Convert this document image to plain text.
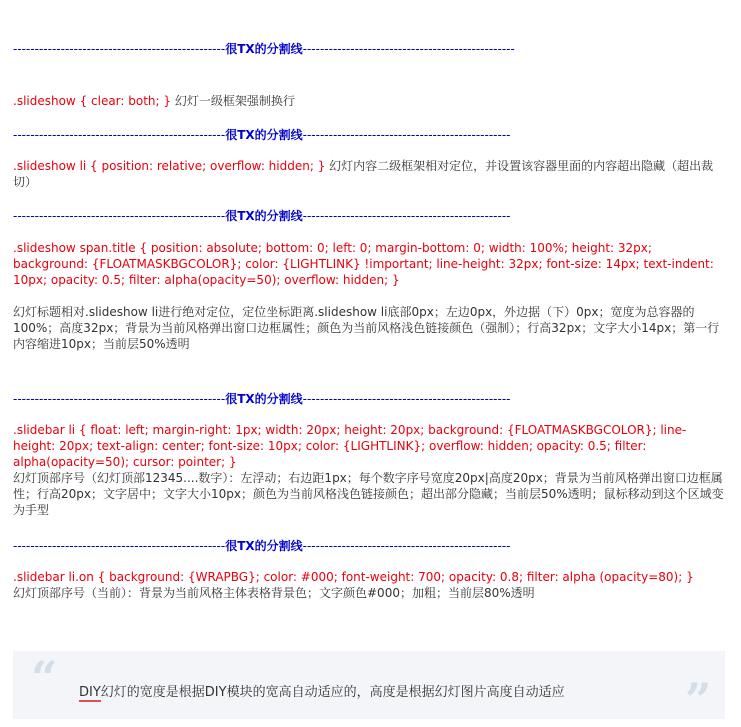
-------------------------------------------------很TX的分割线-------------------------------------------------
.slideshow { clear: both; } 幻灯一级框架强制换行
-------------------------------------------------很TX的分割线------------------------------------------------
.slideshow li { position: relative; overflow: hidden; } 幻灯内容二级框架相对定位，并设置该容器里面的内容超出隐藏（超出裁切）
-------------------------------------------------很TX的分割线------------------------------------------------
.slideshow span.title { position: absolute; bottom: 0; left: 0; margin-bottom: 0; width: 100%; height: 32px; background: {FLOATMASKBGCOLOR}; color: {LIGHTLINK} !important; line-height: 32px; font-size: 14px; text-indent: 10px; opacity: 0.5; filter: alpha(opacity=50); overflow: hidden; }
幻灯标题相对.slideshow li进行绝对定位，定位坐标距离.slideshow li底部0px；左边0px，外边据（下）0px；宽度为总容器的100%；高度32px；背景为当前风格弹出窗口边框属性；颜色为当前风格浅色链接颜色（强制）；行高32px；文字大小14px；第一行内容缩进10px；当前层50%透明
-------------------------------------------------很TX的分割线------------------------------------------------
.slidebar li { float: left; margin-right: 1px; width: 20px; height: 20px; background: {FLOATMASKBGCOLOR}; line-height: 20px; text-align: center; font-size: 10px; color: {LIGHTLINK}; overflow: hidden; opacity: 0.5; filter: alpha(opacity=50); cursor: pointer; }
幻灯顶部序号（幻灯顶部12345....数字）：左浮动；右边距1px；每个数字序号宽度20px|高度20px；背景为当前风格弹出窗口边框属性；行高20px；文字居中；文字大小10px；颜色为当前风格浅色链接颜色；超出部分隐藏；当前层50%透明；鼠标移动到这个区域变为手型
-------------------------------------------------很TX的分割线------------------------------------------------
.slidebar li.on { background: {WRAPBG}; color: #000; font-weight: 700; opacity: 0.8; filter: alpha (opacity=80); }
幻灯顶部序号（当前）：背景为当前风格主体表格背景色；文字颜色#000；加粗；当前层80%透明
“ DIY幻灯的宽度是根据DIY模块的宽高自动适应的，高度是根据幻灯图片高度自动适应	”
